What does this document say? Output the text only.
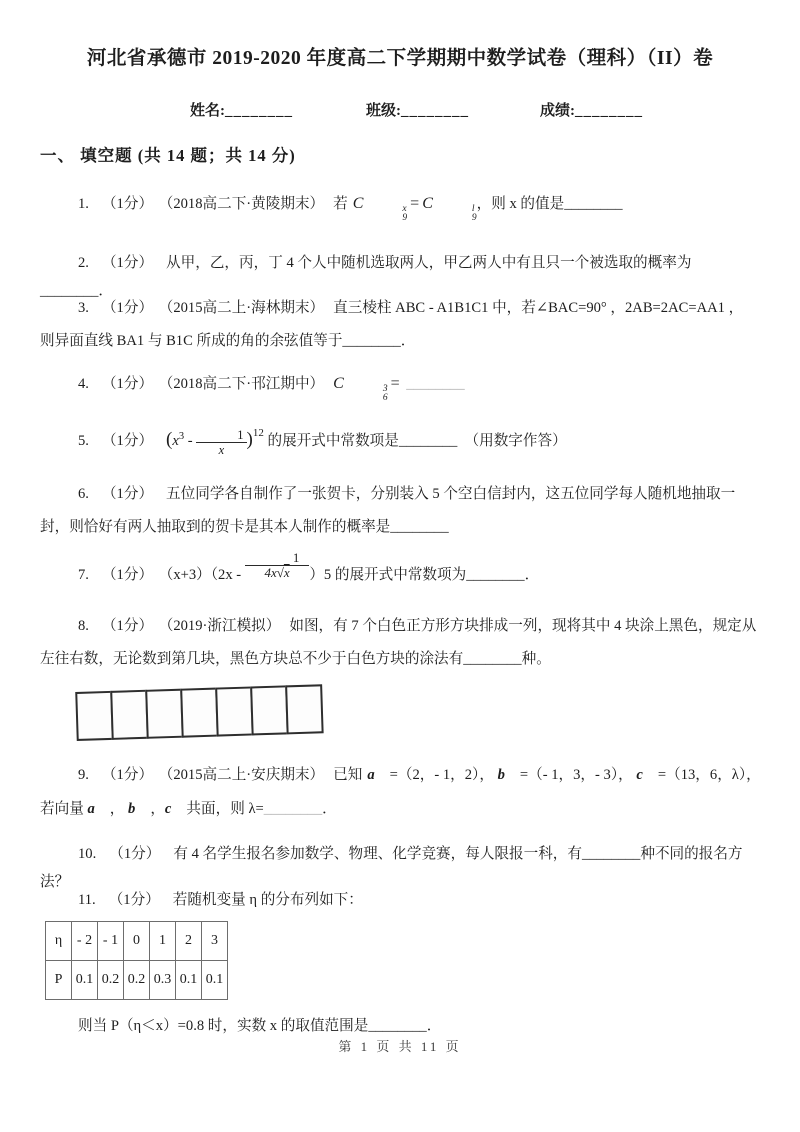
河北省承德市 2019-2020 年度高二下学期期中数学试卷（理科）（II）卷
姓名:________	班级:________	成绩:________
一、 填空题 (共 14 题；共 14 分)

1. （1分） （2018高二下·黄陵期末） 若 C	x
9
= C	l
9
，则 x 的值是________

2. （1分） 从甲，乙，丙，丁 4 个人中随机选取两人，甲乙两人中有且只一个被选取的概率为________．

3. （1分） （2015高二上·海林期末） 直三棱柱 ABC - A1B1C1 中，若∠BAC=90° ，2AB=2AC=AA1 ，　则异面直线 BA1 与 B1C 所成的角的余弦值等于________．

4. （1分） （2018高二下·邗江期中） C	3
6
= ________

5. （1分） $(x^3 - \frac{1}{x})^{12}$ 的展开式中常数项是________　（用数字作答）

6. （1分） 五位同学各自制作了一张贺卡，分别装入 5 个空白信封内，这五位同学每人随机地抽取一封，则恰好有两人抽取到的贺卡是其本人制作的概率是________

7. （1分） $(x+3)(2x - \frac{1}{4x√x})5$ 的展开式中常数项为________．

8. （1分） （2019·浙江模拟） 如图，有 7 个白色正方形方块排成一列，现将其中 4 块涂上黑色，规定从左往右数，无论数到第几块，黑色方块总不少于白色方块的涂法有________种。

9. （1分） （2015高二上·安庆期末） 已知 a⃗ =（2，- 1，2）， b⃗ =（- 1，3，- 3）， c⃗ =（13，6，λ），若向量 a⃗ ， b⃗ ，c⃗ 共面，则 λ=________．

10. （1分） 有 4 名学生报名参加数学、物理、化学竞赛，每人限报一科，有________种不同的报名方法？

11. （1分） 若随机变量 η 的分布列如下：

η	- 2	- 1	0	1	2	3
P	0.1	0.2	0.2	0.3	0.1	0.1

则当 P（η＜x）=0.8 时，实数 x 的取值范围是________．

第 1 页 共 11 页
